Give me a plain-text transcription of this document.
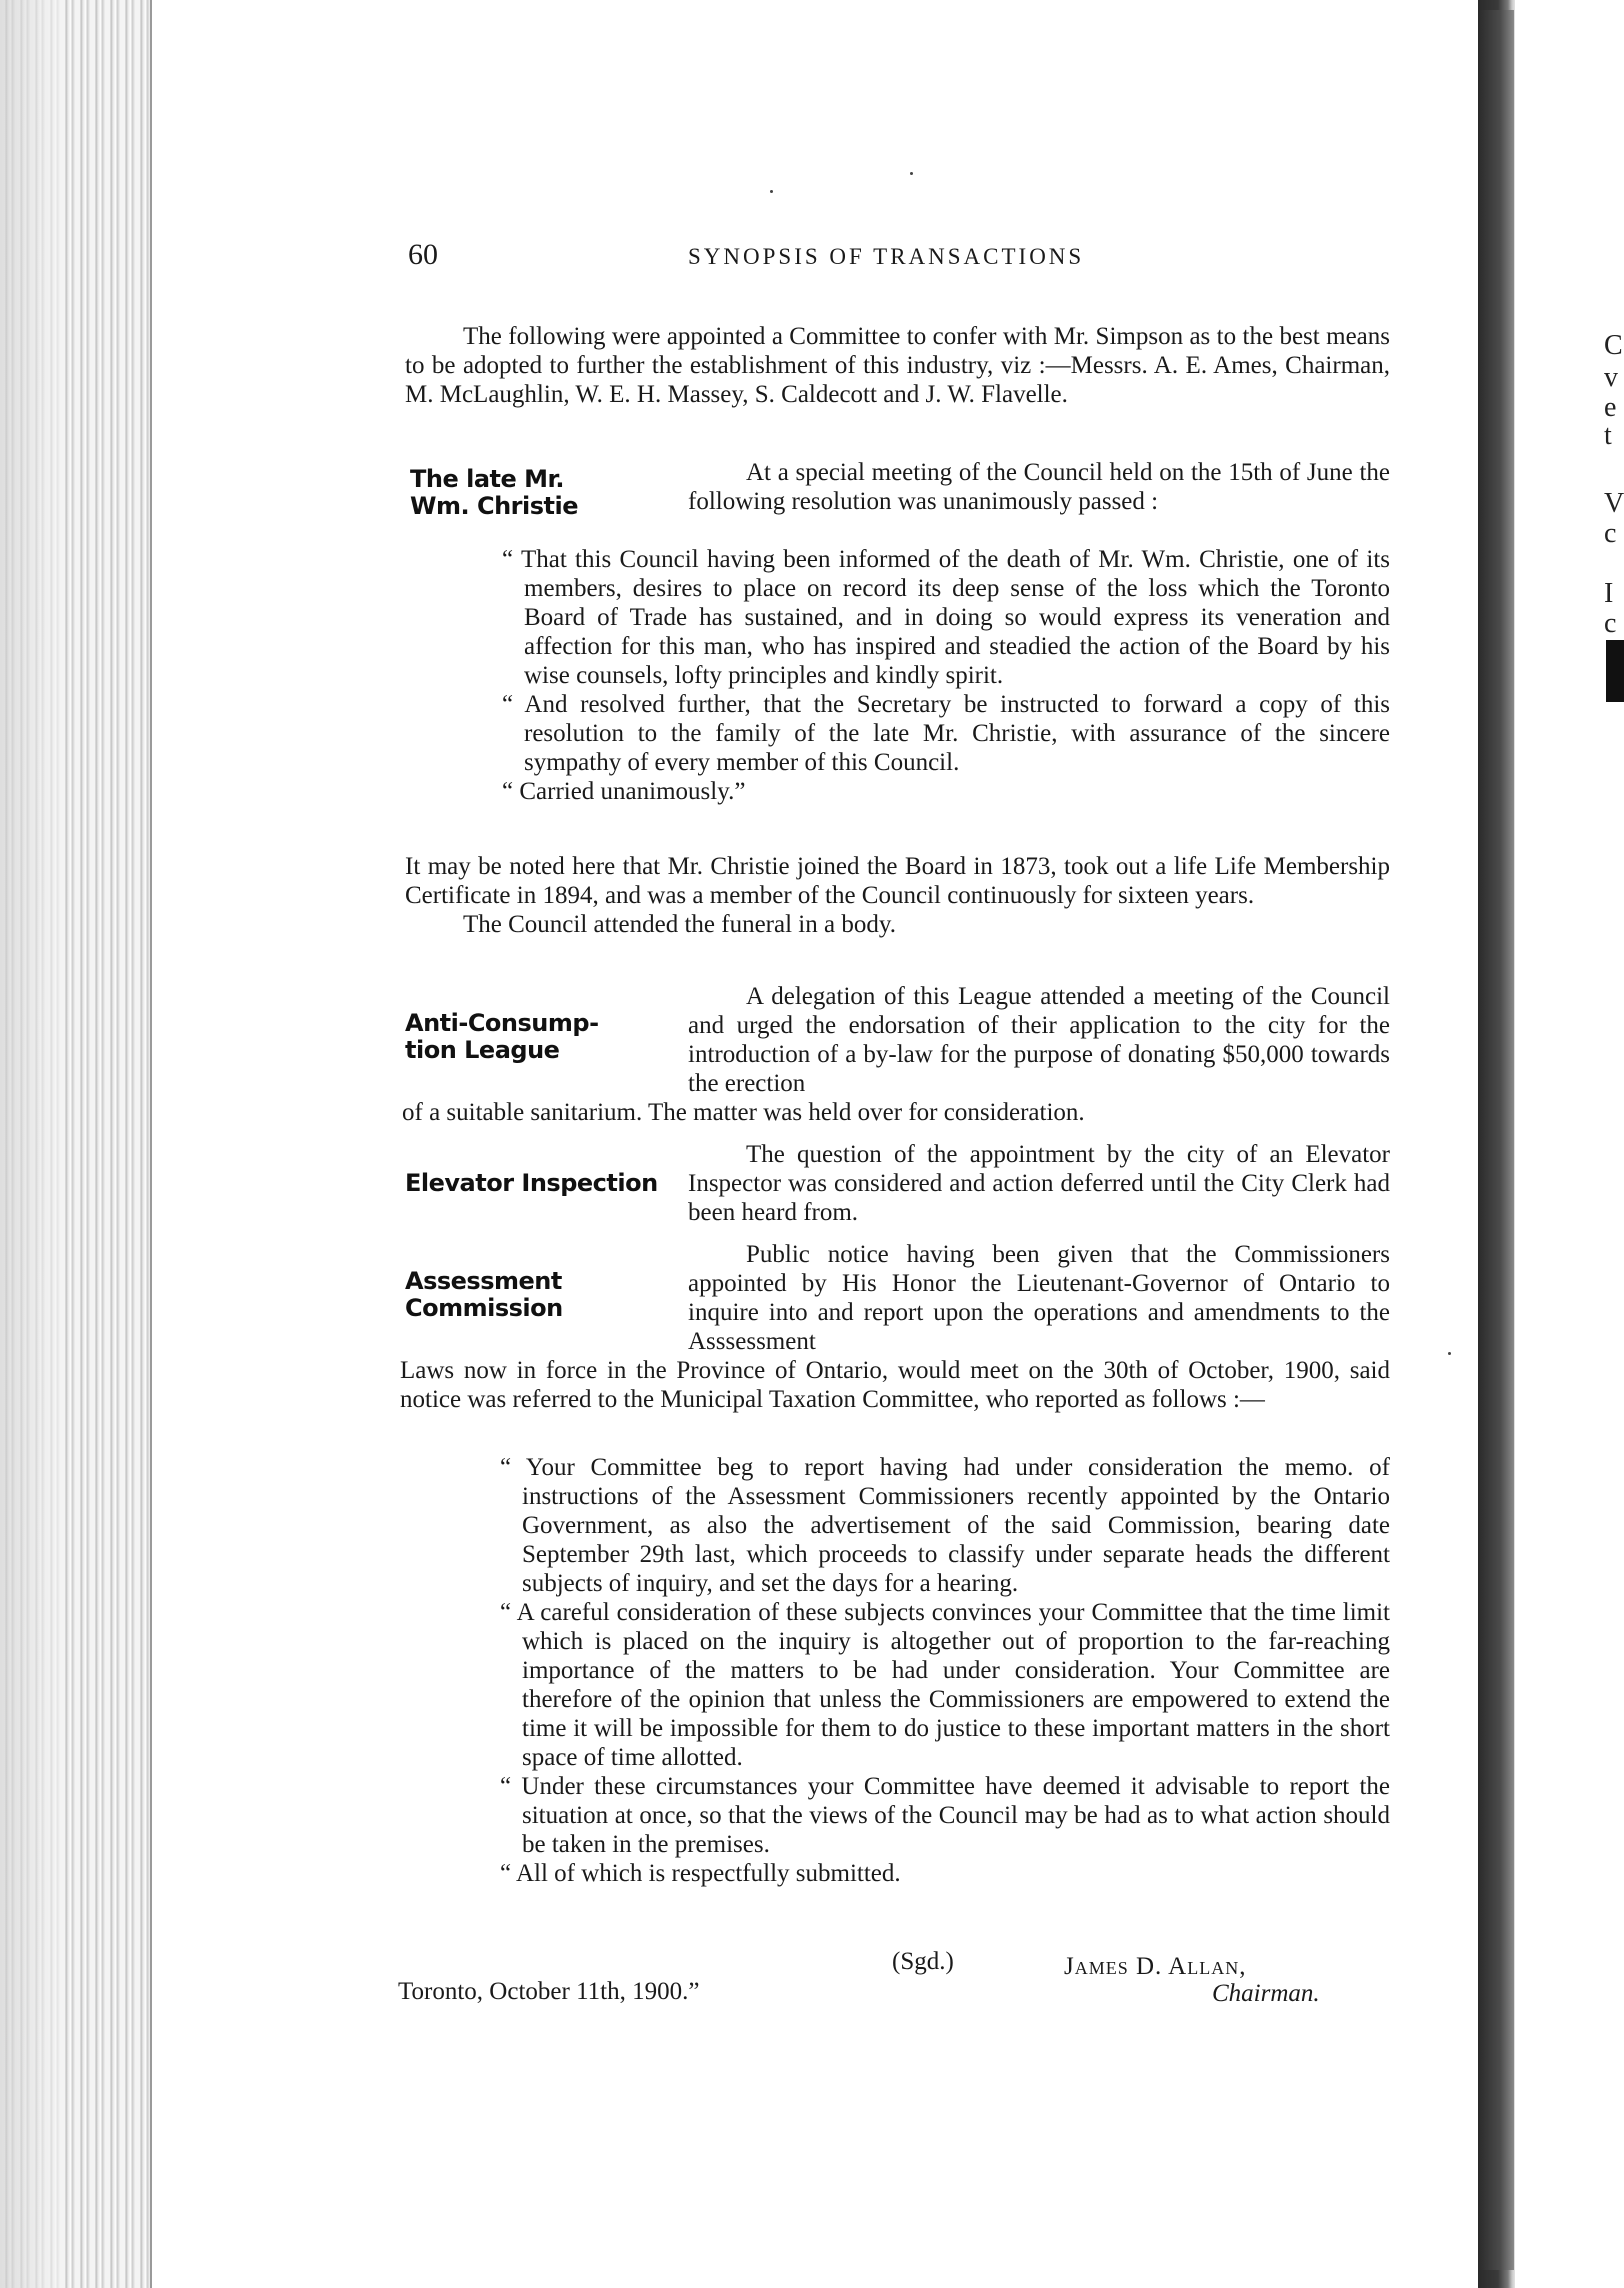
C
v
e
t
V
c
I
c
60	SYNOPSIS OF TRANSACTIONS

The following were appointed a Committee to confer with Mr. Simpson as to the best means to be adopted to further the establishment of this industry, viz :—Messrs. A. E. Ames, Chairman, M. McLaughlin, W. E. H. Massey, S. Caldecott and J. W. Flavelle.

The late Mr.
Wm. Christie

At a special meeting of the Council held on the 15th of June the following resolution was unanimously passed :

“ That this Council having been informed of the death of Mr. Wm. Christie, one of its members, desires to place on record its deep sense of the loss which the Toronto Board of Trade has sustained, and in doing so would express its veneration and affection for this man, who has inspired and steadied the action of the Board by his wise counsels, lofty principles and kindly spirit.

“ And resolved further, that the Secretary be instructed to forward a copy of this resolution to the family of the late Mr. Christie, with assurance of the sincere sympathy of every member of this Council.

“ Carried unanimously.”

It may be noted here that Mr. Christie joined the Board in 1873, took out a life Life Membership Certificate in 1894, and was a member of the Council continuously for sixteen years.

The Council attended the funeral in a body.

Anti-Consump-
tion League

A delegation of this League attended a meeting of the Council and urged the endorsation of their application to the city for the introduction of a by-law for the purpose of donating $50,000 towards the erection

of a suitable sanitarium. The matter was held over for consideration.

Elevator Inspection

The question of the appointment by the city of an Elevator Inspector was considered and action deferred until the City Clerk had been heard from.

Assessment
Commission

Public notice having been given that the Commissioners appointed by His Honor the Lieutenant-Governor of Ontario to inquire into and report upon the operations and amendments to the Asssessment

Laws now in force in the Province of Ontario, would meet on the 30th of October, 1900, said notice was referred to the Municipal Taxation Committee, who reported as follows :—

“ Your Committee beg to report having had under consideration the memo. of instructions of the Assessment Commissioners recently appointed by the Ontario Government, as also the advertisement of the said Commission, bearing date September 29th last, which proceeds to classify under separate heads the different subjects of inquiry, and set the days for a hearing.

“ A careful consideration of these subjects convinces your Committee that the time limit which is placed on the inquiry is altogether out of proportion to the far-reaching importance of the matters to be had under consideration. Your Committee are therefore of the opinion that unless the Commissioners are empowered to extend the time it will be impossible for them to do justice to these important matters in the short space of time allotted.

“ Under these circumstances your Committee have deemed it advisable to report the situation at once, so that the views of the Council may be had as to what action should be taken in the premises.

“ All of which is respectfully submitted.

(Sgd.)	James D. Allan,
Toronto, October 11th, 1900.”	Chairman.
